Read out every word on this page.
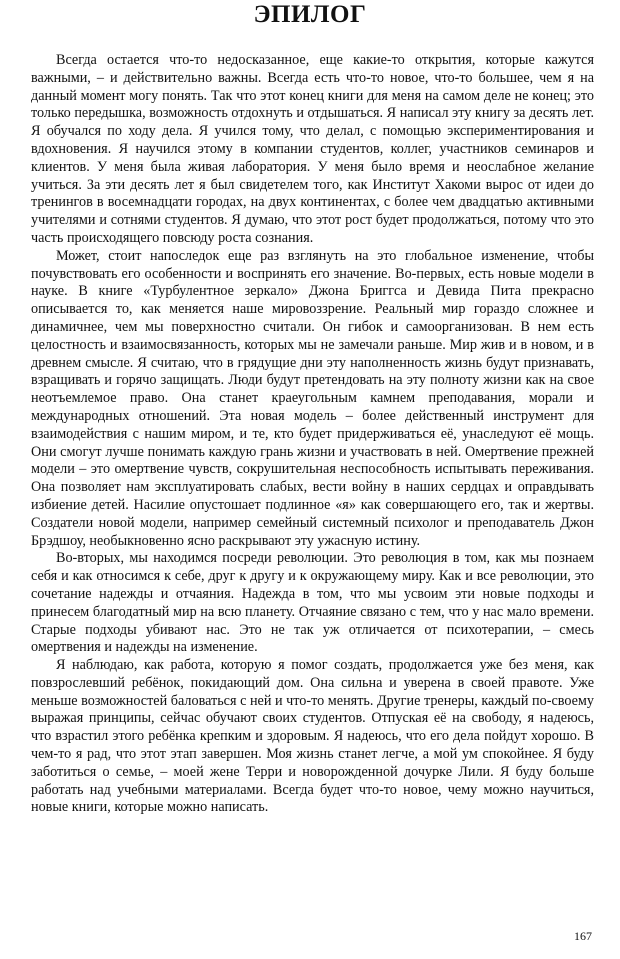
ЭПИЛОГ

Всегда остается что-то недосказанное, еще какие-то открытия, которые кажутся важными, – и действительно важны. Всегда есть что-то новое, что-то большее, чем я на данный момент могу понять. Так что этот конец книги для меня на самом деле не конец; это только передышка, возможность отдохнуть и отдышаться. Я написал эту книгу за десять лет. Я обучался по ходу дела. Я учился тому, что делал, с помощью экспериментирования и вдохновения. Я научился этому в компании студентов, коллег, участников семинаров и клиентов. У меня была живая лаборатория. У меня было время и неослабное желание учиться. За эти десять лет я был свидетелем того, как Институт Хакоми вырос от идеи до тренингов в восемнадцати городах, на двух континентах, с более чем двадцатью активными учителями и сотнями студентов. Я думаю, что этот рост будет продолжаться, потому что это часть происходящего повсюду роста сознания.

Может, стоит напоследок еще раз взглянуть на это глобальное изменение, чтобы почувствовать его особенности и воспринять его значение. Во-первых, есть новые модели в науке. В книге «Турбулентное зеркало» Джона Бриггса и Девида Пита прекрасно описывается то, как меняется наше мировоззрение. Реальный мир гораздо сложнее и динамичнее, чем мы поверхностно считали. Он гибок и самоорганизован. В нем есть целостность и взаимосвязанность, которых мы не замечали раньше. Мир жив и в новом, и в древнем смысле. Я считаю, что в грядущие дни эту наполненность жизнь будут признавать, взращивать и горячо защищать. Люди будут претендовать на эту полноту жизни как на свое неотъемлемое право. Она станет краеугольным камнем преподавания, морали и международных отношений. Эта новая модель – более действенный инструмент для взаимодействия с нашим миром, и те, кто будет придерживаться её, унаследуют её мощь. Они смогут лучше понимать каждую грань жизни и участвовать в ней. Омертвение прежней модели – это омертвение чувств, сокрушительная неспособность испытывать переживания. Она позволяет нам эксплуатировать слабых, вести войну в наших сердцах и оправдывать избиение детей. Насилие опустошает подлинное «я» как совершающего его, так и жертвы. Создатели новой модели, например семейный системный психолог и преподаватель Джон Брэдшоу, необыкновенно ясно раскрывают эту ужасную истину.

Во-вторых, мы находимся посреди революции. Это революция в том, как мы познаем себя и как относимся к себе, друг к другу и к окружающему миру. Как и все революции, это сочетание надежды и отчаяния. Надежда в том, что мы усвоим эти новые подходы и принесем благодатный мир на всю планету. Отчаяние связано с тем, что у нас мало времени. Старые подходы убивают нас. Это не так уж отличается от психотерапии, – смесь омертвения и надежды на изменение.

Я наблюдаю, как работа, которую я помог создать, продолжается уже без меня, как повзрослевший ребёнок, покидающий дом. Она сильна и уверена в своей правоте. Уже меньше возможностей баловаться с ней и что-то менять. Другие тренеры, каждый по-своему выражая принципы, сейчас обучают своих студентов. Отпуская её на свободу, я надеюсь, что взрастил этого ребёнка крепким и здоровым. Я надеюсь, что его дела пойдут хорошо. В чем-то я рад, что этот этап завершен. Моя жизнь станет легче, а мой ум спокойнее. Я буду заботиться о семье, – моей жене Терри и новорожденной дочурке Лили. Я буду больше работать над учебными материалами. Всегда будет что-то новое, чему можно научиться, новые книги, которые можно написать.

167
